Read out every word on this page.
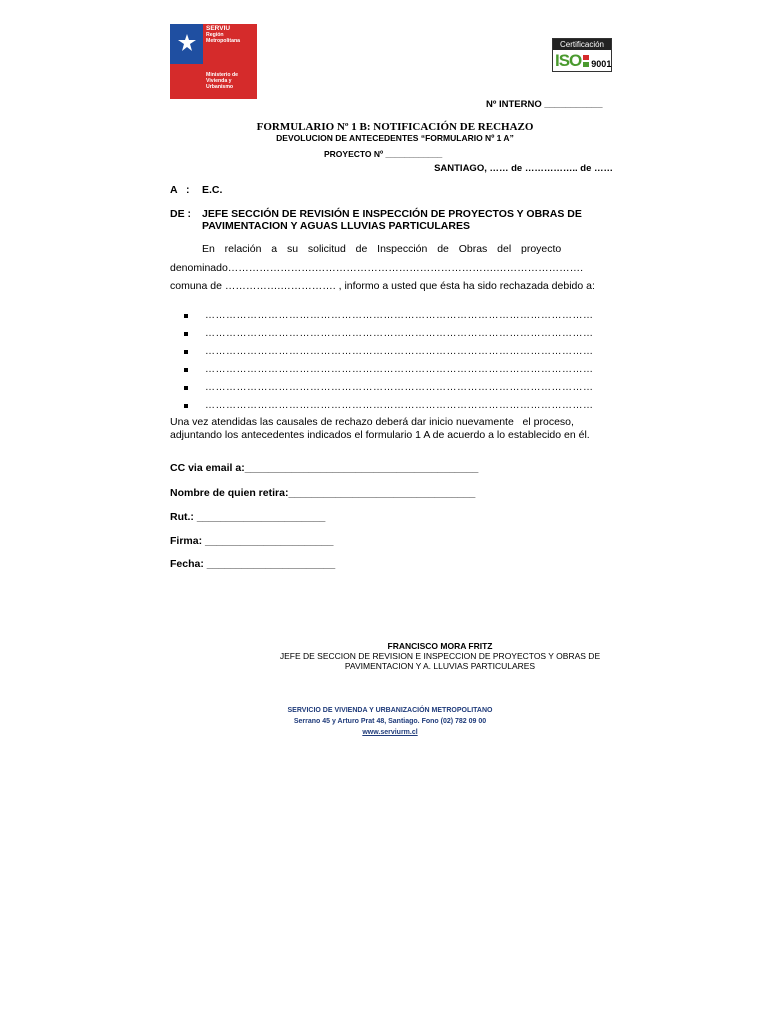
SERVIU
Región Metropolitana
Ministerio de Vivienda y Urbanismo
Certificación
ISO 9001
Nº INTERNO ___________
FORMULARIO Nº 1 B: NOTIFICACIÓN DE RECHAZO
DEVOLUCION DE ANTECEDENTES “FORMULARIO Nº 1 A”
PROYECTO Nº ____________
SANTIAGO, …… de …………….. de ……
A   : E.C.
DE : JEFE SECCIÓN DE REVISIÓN E INSPECCIÓN DE PROYECTOS Y OBRAS DE
PAVIMENTACION Y AGUAS LLUVIAS PARTICULARES
En  relación  a  su  solicitud  de  Inspección  de  Obras  del  proyecto
denominado…………………….…………………………………………….…………………….
comuna de …………….……………. , informo a usted que ésta ha sido rechazada debido a:
…………………………………………………………………………………………………
…………………………………………………………………………………………………
…………………………………………………………………………………………………
…………………………………………………………………………………………………
…………………………………………………………………………………………………
…………………………………………………………………………………………………
Una vez atendidas las causales de rechazo deberá dar inicio nuevamente   el proceso,
adjuntando los antecedentes indicados el formulario 1 A de acuerdo a lo establecido en él.
CC via email a:________________________________________
Nombre de quien retira:________________________________
Rut.: ______________________
Firma: ______________________
Fecha: ______________________
FRANCISCO MORA FRITZ
JEFE DE SECCION DE REVISION E INSPECCION DE PROYECTOS Y OBRAS DE
PAVIMENTACION Y A. LLUVIAS PARTICULARES
SERVICIO DE VIVIENDA Y URBANIZACIÓN METROPOLITANO
Serrano 45 y Arturo Prat 48, Santiago. Fono (02) 782 09 00
www.serviurm.cl
